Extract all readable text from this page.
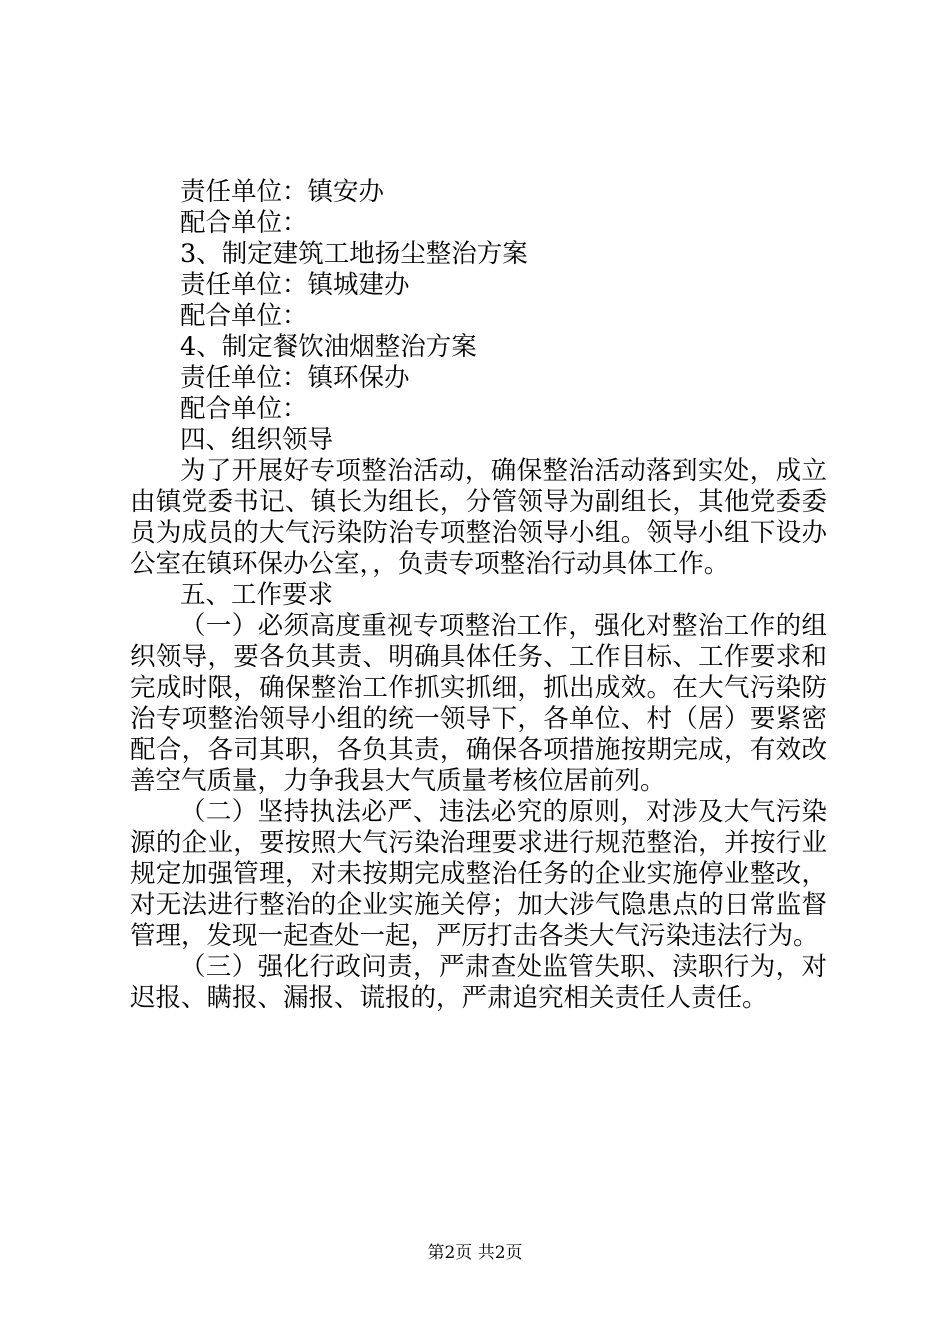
责任单位：镇安办
配合单位：
3、制定建筑工地扬尘整治方案
责任单位：镇城建办
配合单位：
4、制定餐饮油烟整治方案
责任单位：镇环保办
配合单位：
四、组织领导
为了开展好专项整治活动，确保整治活动落到实处，成立
由镇党委书记、镇长为组长，分管领导为副组长，其他党委委
员为成员的大气污染防治专项整治领导小组。领导小组下设办
公室在镇环保办公室，，负责专项整治行动具体工作。
五、工作要求
（一）必须高度重视专项整治工作，强化对整治工作的组
织领导，要各负其责、明确具体任务、工作目标、工作要求和
完成时限，确保整治工作抓实抓细，抓出成效。在大气污染防
治专项整治领导小组的统一领导下，各单位、村（居）要紧密
配合，各司其职，各负其责，确保各项措施按期完成，有效改
善空气质量，力争我县大气质量考核位居前列。
（二）坚持执法必严、违法必究的原则，对涉及大气污染
源的企业，要按照大气污染治理要求进行规范整治，并按行业
规定加强管理，对未按期完成整治任务的企业实施停业整改，
对无法进行整治的企业实施关停；加大涉气隐患点的日常监督
管理，发现一起查处一起，严厉打击各类大气污染违法行为。
（三）强化行政问责，严肃查处监管失职、渎职行为，对
迟报、瞒报、漏报、谎报的，严肃追究相关责任人责任。
第2页 共2页
